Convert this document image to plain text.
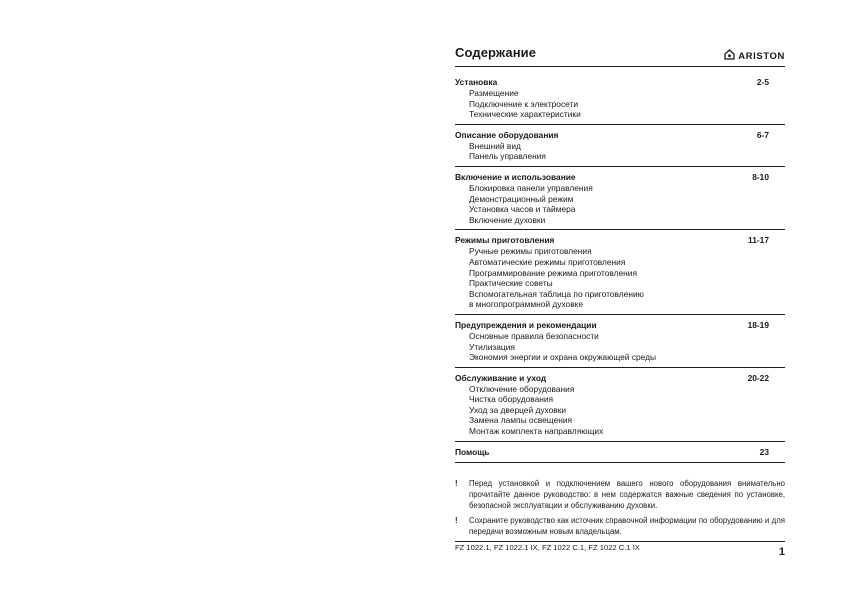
Содержание	ARISTON
Установка	2-5
Размещение
Подключение к электросети
Технические характеристики
Описание оборудования	6-7
Внешний вид
Панель управления
Включение и использование	8-10
Блокировка панели управления
Демонстрационный режим
Установка часов и таймера
Включение духовки
Режимы приготовления	11-17
Ручные режимы приготовления
Автоматические режимы приготовления
Программирование режима приготовления
Практические советы
Вспомогательная таблица по приготовлению
в многопрограммной духовке
Предупреждения и рекомендации	18-19
Основные правила безопасности
Утилизация
Экономия энергии и охрана окружающей среды
Обслуживание и уход	20-22
Отключение оборудования
Чистка оборудования
Уход за дверцей духовки
Замена лампы освещения
Монтаж комплекта направляющих
Помощь	23
! Перед установкой и подключением вашего нового оборудования внимательно прочитайте данное руководство: в нем содержатся важные сведения по установке, безопасной эксплуатации и обслуживанию духовки.
! Сохраните руководство как источник справочной информации по оборудованию и для передачи возможным новым владельцам.
FZ 1022.1, FZ 1022.1 IX, FZ 1022 C.1, FZ 1022 C.1 IX	1
